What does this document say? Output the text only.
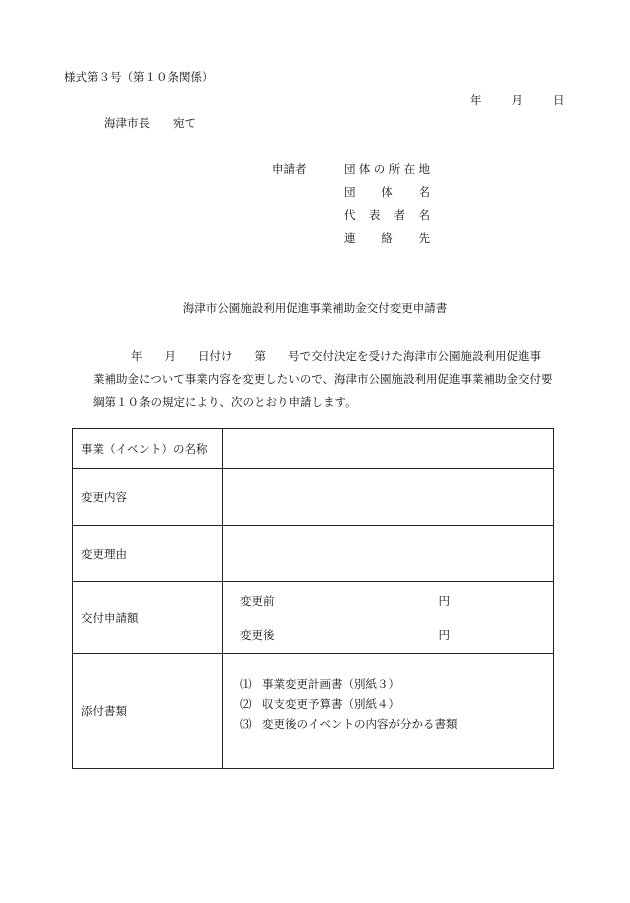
様式第３号（第１０条関係）
年	月	日
海津市長　　宛て
申請者	団 体 の 所 在 地
団 体 名
代 表 者 名
連 絡 先
海津市公園施設利用促進事業補助金交付変更申請書

年 月 日付け 第 号で交付決定を受けた海津市公園施設利用促進事

業補助金について事業内容を変更したいので、海津市公園施設利用促進事業補助金交付要

綱第１０条の規定により、次のとおり申請します。

事業（イベント）の名称	
変更内容	
変更理由	
交付申請額	変更前 円
変更後 円

添付書類	⑴ 事業変更計画書（別紙３）
⑵ 収支変更予算書（別紙４）
⑶ 変更後のイベントの内容が分かる書類
